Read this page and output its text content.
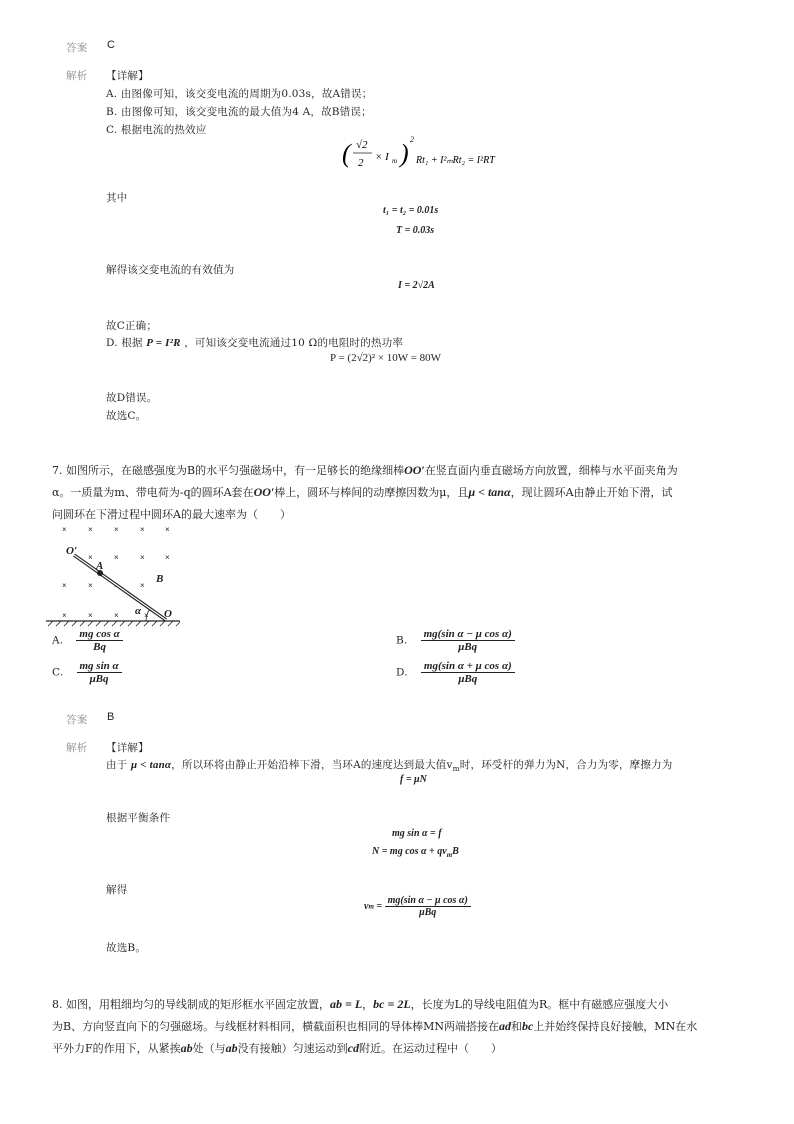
答案 C
解析 【详解】
A. 由图像可知，该交变电流的周期为0.03s，故A错误；
B. 由图像可知，该交变电流的最大值为4 A，故B错误；
C. 根据电流的热效应
( √2
2 × I m ) 2
Rt₁ + I²ₘRt₂ = I²RT
其中
t₁ = t₂ = 0.01s
T = 0.03s
解得该交变电流的有效值为
I = 2√2A
故C正确；
D. 根据 P = I²R ，可知该交变电流通过10 Ω的电阻时的热功率
P = (2√2)² × 10W = 80W
故D错误。
故选C。
7. 如图所示，在磁感强度为B的水平匀强磁场中，有一足够长的绝缘细棒OO′在竖直面内垂直磁场方向放置，细棒与水平面夹角为
α。一质量为m、带电荷为-q的圆环A套在OO′棒上，圆环与棒间的动摩擦因数为μ，且μ < tanα，现让圆环A由静止开始下滑，试
问圆环在下滑过程中圆环A的最大速率为（　　）
×	×	×	×	×
×	×	×	×
×	×	×
×	×	×	×
O′
A
B
α O
A. $\frac{\text{mg cos α}}{Bq}$	B. $\frac{\text{mg(sin α − μ cos α)}}{\text{μBq}}$
C. $\frac{\text{mg sin α}}{\text{μBq}}$	D. $\frac{\text{mg(sin α + μ cos α)}}{\text{μBq}}$
答案 B
解析 【详解】
由于 μ < tanα，所以环将由静止开始沿棒下滑，当环A的速度达到最大值$v_m$时，环受杆的弹力为N，合力为零，摩擦力为
f = μN
根据平衡条件
mg sin α = f
N = mg $\cos \alpha + qv_mB$
解得
vm = $\frac{\text{mg(sin α − μ cos α)}}{\text{μBq}}$
故选B。
8. 如图，用粗细均匀的导线制成的矩形框水平固定放置，ab = L，bc = 2L，长度为L的导线电阻值为R。框中有磁感应强度大小
为B、方向竖直向下的匀强磁场。与线框材料相同，横截面积也相同的导体棒MN两端搭接在ad和bc上并始终保持良好接触，MN在水
平外力F的作用下，从紧挨ab处（与ab没有接触）匀速运动到cd附近。在运动过程中（　　）
